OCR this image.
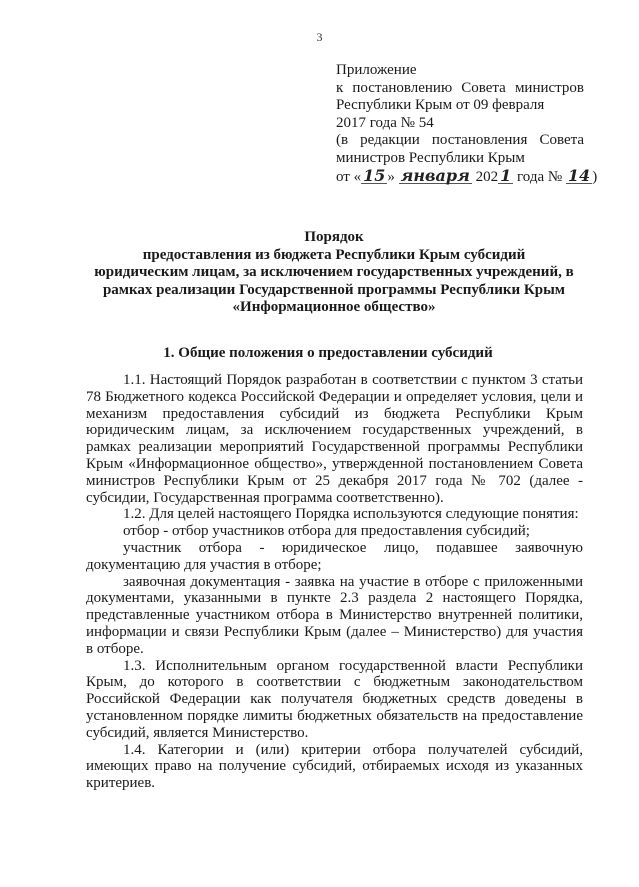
3
Приложение
к постановлению Совета министров
Республики Крым от 09 февраля
2017 года № 54
(в редакции постановления Совета
министров Республики Крым
от « 15 » января 202 1 года № 14 )
Порядок
предоставления из бюджета Республики Крым субсидий
юридическим лицам, за исключением государственных учреждений, в
рамках реализации Государственной программы Республики Крым
«Информационное общество»
1. Общие положения о предоставлении субсидий

1.1. Настоящий Порядок разработан в соответствии с пунктом 3 статьи 78 Бюджетного кодекса Российской Федерации и определяет условия, цели и механизм предоставления субсидий из бюджета Республики Крым юридическим лицам, за исключением государственных учреждений, в рамках реализации мероприятий Государственной программы Республики Крым «Информационное общество», утвержденной постановлением Совета министров Республики Крым от 25 декабря 2017 года № 702 (далее - субсидии, Государственная программа соответственно).

1.2. Для целей настоящего Порядка используются следующие понятия:

отбор - отбор участников отбора для предоставления субсидий;

участник отбора - юридическое лицо, подавшее заявочную документацию для участия в отборе;

заявочная документация - заявка на участие в отборе с приложенными документами, указанными в пункте 2.3 раздела 2 настоящего Порядка, представленные участником отбора в Министерство внутренней политики, информации и связи Республики Крым (далее – Министерство) для участия в отборе.

1.3. Исполнительным органом государственной власти Республики Крым, до которого в соответствии с бюджетным законодательством Российской Федерации как получателя бюджетных средств доведены в установленном порядке лимиты бюджетных обязательств на предоставление субсидий, является Министерство.

1.4. Категории и (или) критерии отбора получателей субсидий, имеющих право на получение субсидий, отбираемых исходя из указанных критериев.
